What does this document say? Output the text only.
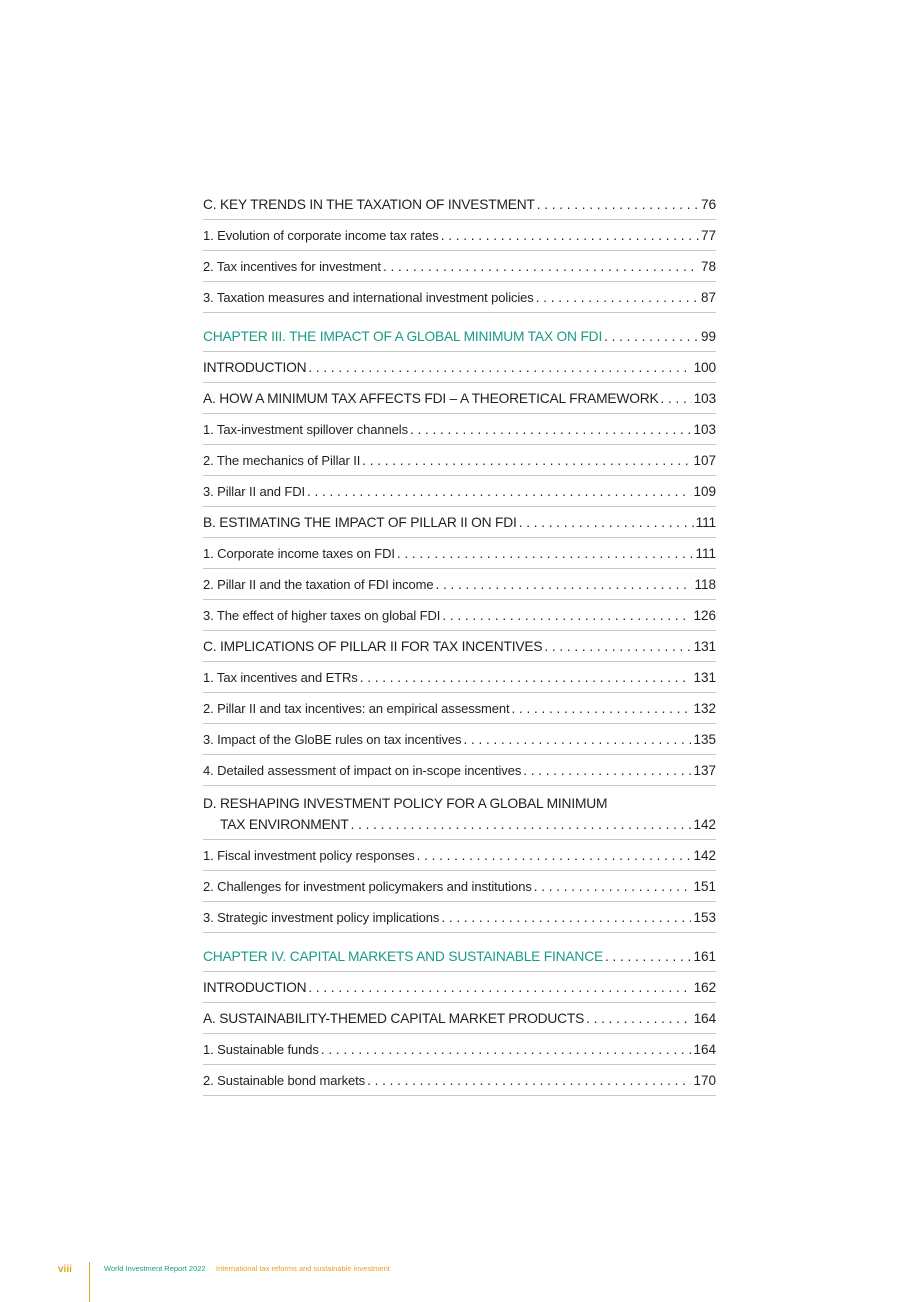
C. KEY TRENDS IN THE TAXATION OF INVESTMENT . . .	76
1. Evolution of corporate income tax rates . . .	77
2. Tax incentives for investment . . .	78
3. Taxation measures and international investment policies . . .	87
CHAPTER III. THE IMPACT OF A GLOBAL MINIMUM TAX ON FDI . . .	99
INTRODUCTION . . .	100
A. HOW A MINIMUM TAX AFFECTS FDI – A THEORETICAL FRAMEWORK . . .	103
1. Tax-investment spillover channels . . .	103
2. The mechanics of Pillar II . . .	107
3. Pillar II and FDI . . .	109
B. ESTIMATING THE IMPACT OF PILLAR II ON FDI . . .	111
1. Corporate income taxes on FDI . . .	111
2. Pillar II and the taxation of FDI income . . .	118
3. The effect of higher taxes on global FDI . . .	126
C. IMPLICATIONS OF PILLAR II FOR TAX INCENTIVES . . .	131
1. Tax incentives and ETRs . . .	131
2. Pillar II and tax incentives: an empirical assessment . . .	132
3. Impact of the GloBE rules on tax incentives . . .	135
4. Detailed assessment of impact on in-scope incentives . . .	137
D. RESHAPING INVESTMENT POLICY FOR A GLOBAL MINIMUM
TAX ENVIRONMENT . . .	142
1. Fiscal investment policy responses . . .	142
2. Challenges for investment policymakers and institutions . . .	151
3. Strategic investment policy implications . . .	153
CHAPTER IV. CAPITAL MARKETS AND SUSTAINABLE FINANCE . . .	161
INTRODUCTION . . .	162
A. SUSTAINABILITY-THEMED CAPITAL MARKET PRODUCTS . . .	164
1. Sustainable funds . . .	164
2. Sustainable bond markets . . .	170
viii	World Investment Report 2022 International tax reforms and sustainable investment
